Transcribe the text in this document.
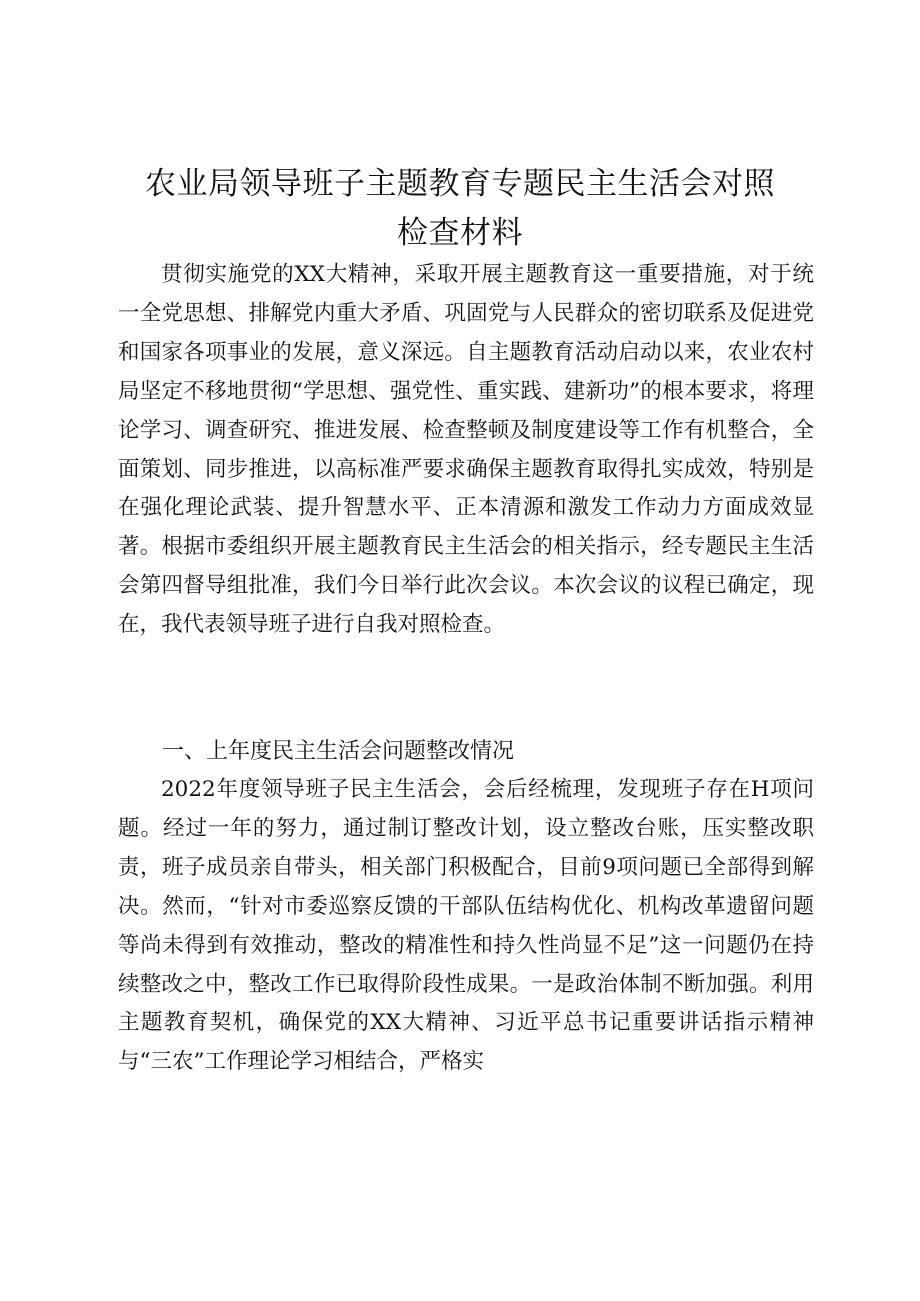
农业局领导班子主题教育专题民主生活会对照
检查材料

贯彻实施党的XX大精神，采取开展主题教育这一重要措施，对于统一全党思想、排解党内重大矛盾、巩固党与人民群众的密切联系及促进党和国家各项事业的发展，意义深远。自主题教育活动启动以来，农业农村局坚定不移地贯彻“学思想、强党性、重实践、建新功”的根本要求，将理论学习、调查研究、推进发展、检查整顿及制度建设等工作有机整合，全面策划、同步推进，以高标准严要求确保主题教育取得扎实成效，特别是在强化理论武装、提升智慧水平、正本清源和激发工作动力方面成效显著。根据市委组织开展主题教育民主生活会的相关指示，经专题民主生活会第四督导组批准，我们今日举行此次会议。本次会议的议程已确定，现在，我代表领导班子进行自我对照检查。

一、上年度民主生活会问题整改情况

2022年度领导班子民主生活会，会后经梳理，发现班子存在H项问题。经过一年的努力，通过制订整改计划，设立整改台账，压实整改职责，班子成员亲自带头，相关部门积极配合，目前9项问题已全部得到解决。然而，“针对市委巡察反馈的干部队伍结构优化、机构改革遗留问题等尚未得到有效推动，整改的精准性和持久性尚显不足”这一问题仍在持续整改之中，整改工作已取得阶段性成果。一是政治体制不断加强。利用主题教育契机，确保党的XX大精神、习近平总书记重要讲话指示精神与“三农”工作理论学习相结合，严格实
